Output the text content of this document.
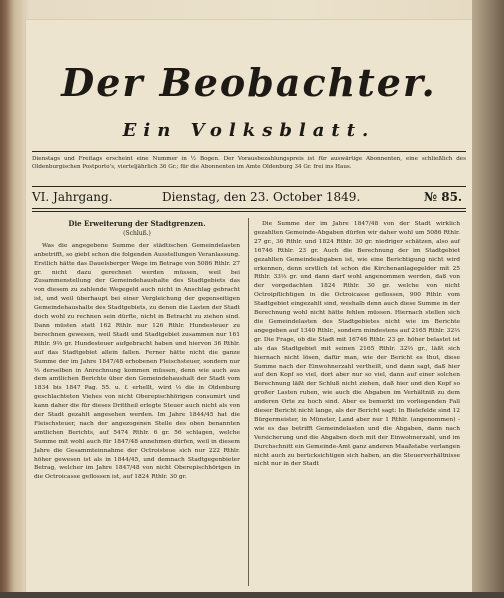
Der Beobachter.
Ein Volksblatt.
Dienstags und Freitags erscheint eine Nummer in ½ Bogen. Der Vorausbezahlungspreis ist für auswärtige Abonnenten, eine schließlich des Oldenburgischen Postporto's, vierteljährlich 36 Gr.; für die Abonnenten im Amte Oldenburg 34 Gr. frei ins Haus.
VI. Jahrgang.	Dienstag, den 23. October 1849.	№ 85.
Die Erweiterung der Stadtgrenzen.
(Schluß.)

Was die angegebene Summe der städtischen Gemeindelasten anbetrifft, so giebt schon die folgenden Ausstellungen Veranlassung. Erstlich hätte das Dauelsberger Wege im Betrage von 5086 Rthlr. 27 gr. nicht dazu gerechnet werden müssen, weil bei Zusammenstellung der Gemeindehaushalte des Stadtgebiets das von diesem zu zahlende Wegegeld auch nicht in Anschlag gebracht ist, und weil überhaupt bei einer Vergleichung der gegenseitigen Gemeindehaushalte des Stadtgebiets, zu denen die Lasten der Stadt doch wohl zu rechnen sein dürfte, nicht in Betracht zu ziehen sind. Dann müsten statt 162 Rthlr. nur 126 Rthlr. Hundesteuer zu berechnen gewesen, weil Stadt und Stadtgebiet zusammen nur 161 Rthlr. 9⅔ gr. Hundesteuer aufgebracht haben und hiervon 36 Rthlr. auf das Stadtgebiet allein fallen. Ferner hätte nicht die ganze Summe der im Jahre 1847/48 erhobenen Fleischsteuer, sondern nur ⅔ derselben in Anrechnung kommen müssen, denn wie auch aus dem amtlichen Berichte über den Gemeindehaushalt der Stadt vom 1834 bis 1847 Pag. 55. u. f. erhellt, wird ⅓ die in Oldenburg geschlachteten Viehes von nicht Oberepischhörigen consumirt und kann daher die für dieses Drittheil erlegte Steuer auch nicht als von der Stadt gezahlt angesehen werden. Im Jahre 1844/45 hat die Fleischsteuer, nach der angezogenen Stelle des oben benannten amtlichen Berichts, auf 5474 Rthlr. 6 gr. 56 schlagen, welche Summe mit wohl auch für 1847/48 annehmen dürfen, weil in diesem Jahre die Gesammteinnahme der Octroisteue sich nur 222 Rthlr. höher gewesen ist als in 1844/45, und demnach Stadtgegenbieter Betrag, welcher im Jahre 1847/48 von nicht Oberepischhörigen in die Octroicasse geflossen ist, auf 1824 Rthlr. 30 gr.

Die Summe der im Jahre 1847/48 von der Stadt wirklich gezahlten Gemeinde-Abgaben dürfen wir daher wohl um 5086 Rthlr. 27 gr., 36 Rthlr. und 1824 Rthlr. 30 gr. niedriger schätzen, also auf 16746 Rthlr. 23 gr. Auch die Berechnung der im Stadtgebiet gezahlten Gemeindeabgaben ist, wie eine Berichtigung nicht wird erkennen, denn erstlich ist schon die Kirchenanlagegelder mit 25 Rthlr. 33⅓ gr. und dann darf wohl angenommen werden, daß von der vorgedachten 1824 Rthlr. 30 gr. welche von nicht Octroipflichtigen in die Octroicasse geflossen, 900 Rthlr. vom Stadtgebiet eingezahlt sind, weshalb denn auch diese Summe in der Berechnung wohl nicht hätte fehlen müssen. Hiernach stellen sich die Gemeindelasten des Stadtgebietes nicht wie im Berichte angegeben auf 1340 Rthlr., sondern mindestens auf 2165 Rthlr. 32⅔ gr. Die Frage, ob die Stadt mit 16746 Rthlr. 23 gr. höher belastet ist als das Stadtgebiet mit seinen 2165 Rthlr. 32⅔ gr., läßt sich hiernach nicht lösen, dafür man, wie der Bericht es thut, diese Summe nach der Einwohnerzahl vertheilt, und dann sagt, daß hier auf den Kopf so viel, dort aber nur so viel, dann auf einer solchen Berechnung läßt der Schluß nicht ziehen, daß hier und den Kopf so großer Lasten ruhen, wie auch die Abgaben im Verhältniß zu dem anderen Orte zu hoch sind. Aber es bemerkt im vorliegenden Fall dieser Bericht nicht lange, als der Bericht sagt: In Bielefelde sind 12 Bürgermeister, in Münster, Land aber nur 1 Rthlr. (angenommen) - wie es das betrifft Gemeindelasten und die Abgaben, dann nach Versicherung und die Abgaben doch mit der Einwohnerzahl, und im Durchschnitt ein Gemeinde-Amt ganz anderen Maaßstabe verlangen nicht auch zu berücksichtigen sich haben, an die Steuerverhältnisse nicht nur in der Stadt
